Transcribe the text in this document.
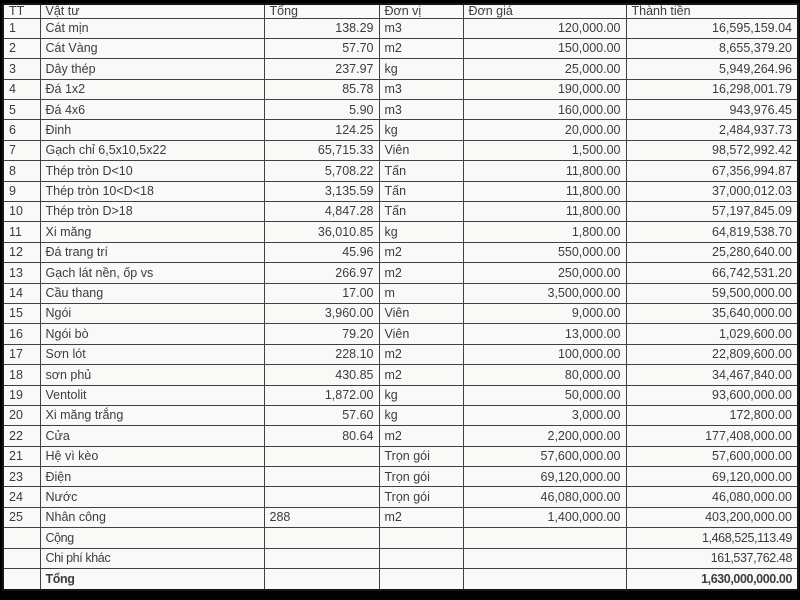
TT	Vật tư	Tổng	Đơn vị	Đơn giá	Thành tiền
1	Cát mịn	138.29	m3	120,000.00	16,595,159.04
2	Cát Vàng	57.70	m2	150,000.00	8,655,379.20
3	Dây thép	237.97	kg	25,000.00	5,949,264.96
4	Đá 1x2	85.78	m3	190,000.00	16,298,001.79
5	Đá 4x6	5.90	m3	160,000.00	943,976.45
6	Đinh	124.25	kg	20,000.00	2,484,937.73
7	Gạch chỉ 6,5x10,5x22	65,715.33	Viên	1,500.00	98,572,992.42
8	Thép tròn D<10	5,708.22	Tấn	11,800.00	67,356,994.87
9	Thép tròn 10<D<18	3,135.59	Tấn	11,800.00	37,000,012.03
10	Thép tròn D>18	4,847.28	Tấn	11,800.00	57,197,845.09
11	Xi măng	36,010.85	kg	1,800.00	64,819,538.70
12	Đá trang trí	45.96	m2	550,000.00	25,280,640.00
13	Gạch lát nền, ốp vs	266.97	m2	250,000.00	66,742,531.20
14	Cầu thang	17.00	m	3,500,000.00	59,500,000.00
15	Ngói	3,960.00	Viên	9,000.00	35,640,000.00
16	Ngói bò	79.20	Viên	13,000.00	1,029,600.00
17	Sơn lót	228.10	m2	100,000.00	22,809,600.00
18	sơn phủ	430.85	m2	80,000.00	34,467,840.00
19	Ventolit	1,872.00	kg	50,000.00	93,600,000.00
20	Xi măng trắng	57.60	kg	3,000.00	172,800.00
22	Cửa	80.64	m2	2,200,000.00	177,408,000.00
21	Hệ vì kèo		Trọn gói	57,600,000.00	57,600,000.00
23	Điện		Trọn gói	69,120,000.00	69,120,000.00
24	Nước		Trọn gói	46,080,000.00	46,080,000.00
25	Nhân công	288	m2	1,400,000.00	403,200,000.00
	Cộng				1,468,525,113.49
	Chi phí khác				161,537,762.48
	Tổng				1,630,000,000.00
